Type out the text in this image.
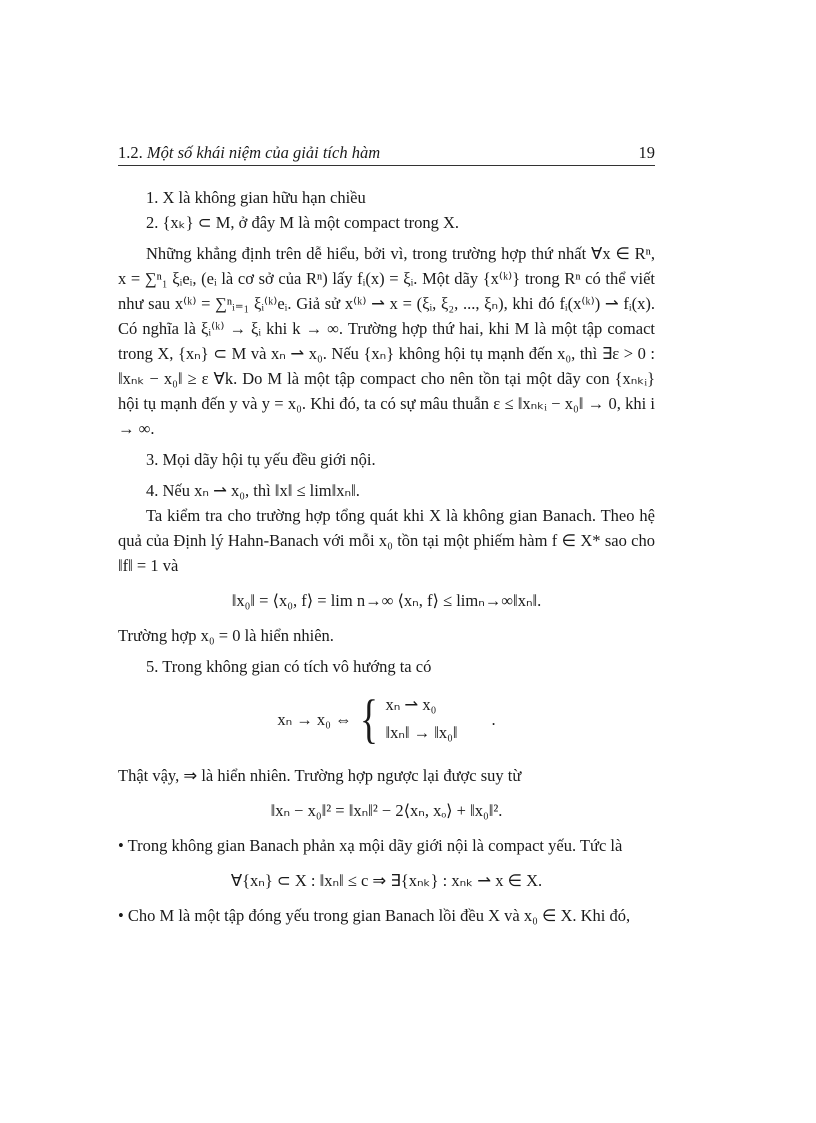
1.2. Một số khái niệm của giải tích hàm	19

1. X là không gian hữu hạn chiều

2. {xₖ} ⊂ M, ở đây M là một compact trong X.

Những khẳng định trên dễ hiểu, bởi vì, trong trường hợp thứ nhất ∀x ∈ Rⁿ, x = ∑ⁿ₁ ξᵢeᵢ, (eᵢ là cơ sở của Rⁿ) lấy fᵢ(x) = ξᵢ. Một dãy {x⁽ᵏ⁾} trong Rⁿ có thể viết như sau x⁽ᵏ⁾ = ∑ⁿᵢ₌₁ ξᵢ⁽ᵏ⁾eᵢ. Giả sử x⁽ᵏ⁾ ⇀ x = (ξᵢ, ξ₂, ..., ξₙ), khi đó fᵢ(x⁽ᵏ⁾) ⇀ fᵢ(x). Có nghĩa là ξᵢ⁽ᵏ⁾ → ξᵢ khi k → ∞. Trường hợp thứ hai, khi M là một tập comact trong X, {xₙ} ⊂ M và xₙ ⇀ x₀. Nếu {xₙ} không hội tụ mạnh đến x₀, thì ∃ε > 0 : ‖xₙₖ − x₀‖ ≥ ε ∀k. Do M là một tập compact cho nên tồn tại một dãy con {xₙₖᵢ} hội tụ mạnh đến y và y = x₀. Khi đó, ta có sự mâu thuẫn ε ≤ ‖xₙₖᵢ − x₀‖ → 0, khi i → ∞.

3. Mọi dãy hội tụ yếu đều giới nội.

4. Nếu xₙ ⇀ x₀, thì ‖x‖ ≤ lim‖xₙ‖.

Ta kiểm tra cho trường hợp tổng quát khi X là không gian Banach. Theo hệ quả của Định lý Hahn-Banach với mỗi x₀ tồn tại một phiếm hàm f ∈ X* sao cho ‖f‖ = 1 và

‖x₀‖ = ⟨x₀, f⟩ = lim n→∞ ⟨xₙ, f⟩ ≤ limₙ→∞‖xₙ‖.

Trường hợp x₀ = 0 là hiển nhiên.

5. Trong không gian có tích vô hướng ta có

xₙ → x₀ ⇔ { xₙ ⇀ x₀
‖xₙ‖ → ‖x₀‖
.

Thật vậy, ⇒ là hiển nhiên. Trường hợp ngược lại được suy từ

‖xₙ − x₀‖² = ‖xₙ‖² − 2⟨xₙ, xₒ⟩ + ‖x₀‖².

• Trong không gian Banach phản xạ mội dãy giới nội là compact yếu. Tức là

∀{xₙ} ⊂ X : ‖xₙ‖ ≤ c ⇒ ∃{xₙₖ} : xₙₖ ⇀ x ∈ X.

• Cho M là một tập đóng yếu trong gian Banach lồi đều X và x₀ ∈ X. Khi đó,
